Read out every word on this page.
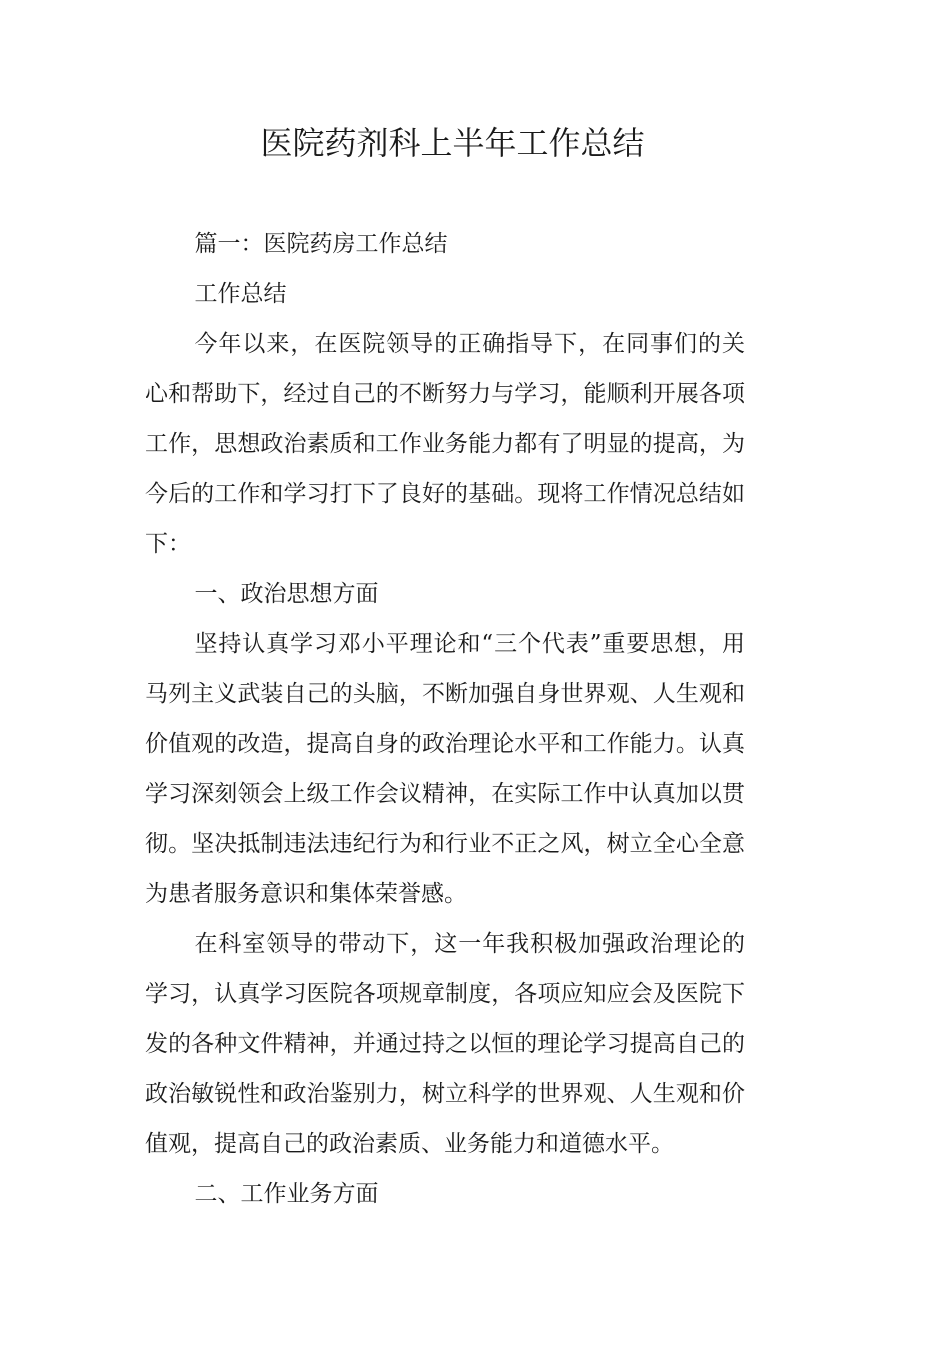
医院药剂科上半年工作总结

篇一：医院药房工作总结

工作总结

今年以来，在医院领导的正确指导下，在同事们的关心和帮助下，经过自己的不断努力与学习，能顺利开展各项工作，思想政治素质和工作业务能力都有了明显的提高，为今后的工作和学习打下了良好的基础。现将工作情况总结如下：

一、政治思想方面

坚持认真学习邓小平理论和“三个代表”重要思想，用马列主义武装自己的头脑，不断加强自身世界观、人生观和价值观的改造，提高自身的政治理论水平和工作能力。认真学习深刻领会上级工作会议精神，在实际工作中认真加以贯彻。坚决抵制违法违纪行为和行业不正之风，树立全心全意为患者服务意识和集体荣誉感。

在科室领导的带动下，这一年我积极加强政治理论的学习，认真学习医院各项规章制度，各项应知应会及医院下发的各种文件精神，并通过持之以恒的理论学习提高自己的政治敏锐性和政治鉴别力，树立科学的世界观、人生观和价值观，提高自己的政治素质、业务能力和道德水平。

二、工作业务方面
